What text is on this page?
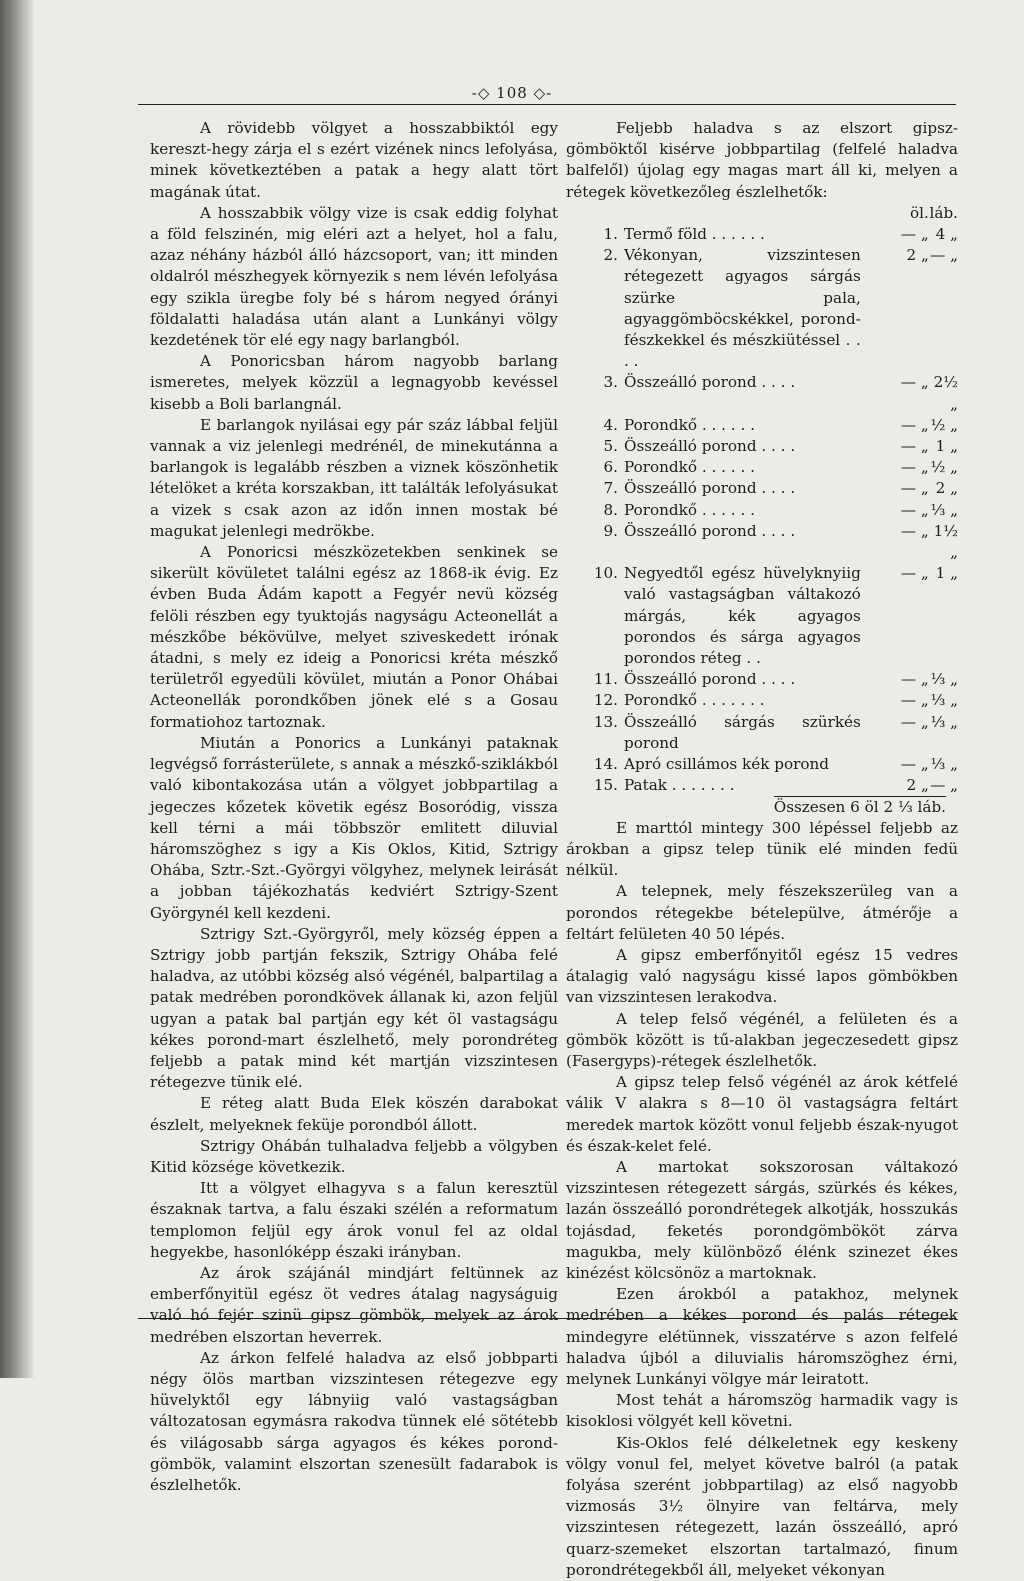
-◇ 108 ◇-

A rövidebb völgyet a hosszabbiktól egy kereszt-hegy zárja el s ezért vizének nincs lefolyása, minek következtében a patak a hegy alatt tört magának útat.

A hosszabbik völgy vize is csak eddig folyhat a föld felszinén, mig eléri azt a helyet, hol a falu, azaz néhány házból álló házcsoport, van; itt minden oldalról mészhegyek környezik s nem lévén lefolyása egy szikla üregbe foly bé s három negyed órányi földalatti haladása után alant a Lunkányi völgy kezdetének tör elé egy nagy barlangból.

A Ponoricsban három nagyobb barlang ismeretes, melyek közzül a legnagyobb kevéssel kisebb a Boli barlangnál.

E barlangok nyilásai egy pár száz lábbal feljül vannak a viz jelenlegi medrénél, de minekutánna a barlangok is legalább részben a viznek köszönhetik lételöket a kréta korszakban, itt találták lefolyásukat a vizek s csak azon az időn innen mostak bé magukat jelenlegi medrökbe.

A Ponoricsi mészközetekben senkinek se sikerült kövületet találni egész az 1868-ik évig. Ez évben Buda Ádám kapott a Fegyér nevü község felöli részben egy tyuktojás nagyságu Acteonellát a mészkőbe békövülve, melyet sziveskedett irónak átadni, s mely ez ideig a Ponoricsi kréta mészkő területről egyedüli kövület, miután a Ponor Ohábai Acteonellák porondkőben jönek elé s a Gosau formatiohoz tartoznak.

Miután a Ponorics a Lunkányi pataknak legvégső forrásterülete, s annak a mészkő-sziklákból való kibontakozása után a völgyet jobbpartilag a jegeczes kőzetek követik egész Bosoródig, vissza kell térni a mái többször emlitett diluvial háromszöghez s igy a Kis Oklos, Kitid, Sztrigy Ohába, Sztr.-Szt.-Györgyi völgyhez, melynek leirását a jobban tájékozhatás kedviért Sztrigy-Szent Györgynél kell kezdeni.

Sztrigy Szt.-Györgyről, mely község éppen a Sztrigy jobb partján fekszik, Sztrigy Ohába felé haladva, az utóbbi község alsó végénél, balpartilag a patak medrében porondkövek állanak ki, azon feljül ugyan a patak bal partján egy két öl vastagságu kékes porond-mart észlelhető, mely porondréteg feljebb a patak mind két martján vizszintesen rétegezve tünik elé.

E réteg alatt Buda Elek köszén darabokat észlelt, melyeknek feküje porondból állott.

Sztrigy Ohábán tulhaladva feljebb a völgyben Kitid községe következik.

Itt a völgyet elhagyva s a falun keresztül északnak tartva, a falu északi szélén a reformatum templomon feljül egy árok vonul fel az oldal hegyekbe, hasonlóképp északi irányban.

Az árok szájánál mindjárt feltünnek az emberfőnyitül egész öt vedres átalag nagyságuig való hó fejér szinü gipsz gömbök, melyek az árok medrében elszortan heverrek.

Az árkon felfelé haladva az első jobbparti négy ölös martban vizszintesen rétegezve egy hüvelyktől egy lábnyiig való vastagságban változatosan egymásra rakodva tünnek elé sötétebb és világosabb sárga agyagos és kékes porond-gömbök, valamint elszortan szenesült fadarabok is észlelhetők.

Feljebb haladva s az elszort gipsz-gömböktől kisérve jobbpartilag (felfelé haladva balfelől) újolag egy magas mart áll ki, melyen a rétegek következőleg észlelhetők:

		öl.	láb.
1.	Termő föld . . . . . .	— „	4 „
2.	Vékonyan, vizszintesen rétegezett agyagos sárgás szürke pala, agyaggömböcskékkel, porond-fészkekkel és mészkiütéssel . . . .	2 „	— „
3.	Összeálló porond . . . .	— „	2½ „
4.	Porondkő . . . . . .	— „	½ „
5.	Összeálló porond . . . .	— „	1 „
6.	Porondkő . . . . . .	— „	½ „
7.	Összeálló porond . . . .	— „	2 „
8.	Porondkő . . . . . .	— „	⅓ „
9.	Összeálló porond . . . .	— „	1½ „
10.	Negyedtől egész hüvelyknyiig való vastagságban váltakozó márgás, kék agyagos porondos és sárga agyagos porondos réteg . .	— „	1 „
11.	Összeálló porond . . . .	— „	⅓ „
12.	Porondkő . . . . . . .	— „	⅓ „
13.	Összeálló sárgás szürkés porond	— „	⅓ „
14.	Apró csillámos kék porond	— „	⅓ „
15.	Patak . . . . . . .	2 „	— „

Összesen 6 öl 2 ⅓ láb.

E marttól mintegy 300 lépéssel feljebb az árokban a gipsz telep tünik elé minden fedü nélkül.

A telepnek, mely fészekszerüleg van a porondos rétegekbe bételepülve, átmérője a feltárt felületen 40 50 lépés.

A gipsz emberfőnyitől egész 15 vedres átalagig való nagyságu kissé lapos gömbökben van vizszintesen lerakodva.

A telep felső végénél, a felületen és a gömbök között is tű-alakban jegeczesedett gipsz (Fasergyps)-rétegek észlelhetők.

A gipsz telep felső végénél az árok kétfelé válik V alakra s 8—10 öl vastagságra feltárt meredek martok között vonul feljebb észak-nyugot és észak-kelet felé.

A martokat sokszorosan váltakozó vizszintesen rétegezett sárgás, szürkés és kékes, lazán összeálló porondrétegek alkotják, hosszukás tojásdad, feketés porondgömbököt zárva magukba, mely különböző élénk szinezet ékes kinézést kölcsönöz a martoknak.

Ezen árokból a patakhoz, melynek medrében a kékes porond és palás rétegek mindegyre elétünnek, visszatérve s azon felfelé haladva újból a diluvialis háromszöghez érni, melynek Lunkányi völgye már leiratott.

Most tehát a háromszög harmadik vagy is kisoklosi völgyét kell követni.

Kis-Oklos felé délkeletnek egy keskeny völgy vonul fel, melyet követve balról (a patak folyása szerént jobbpartilag) az első nagyobb vizmosás 3½ ölnyire van feltárva, mely vizszintesen rétegezett, lazán összeálló, apró quarz-szemeket elszortan tartalmazó, finum porondrétegekből áll, melyeket vékonyan
